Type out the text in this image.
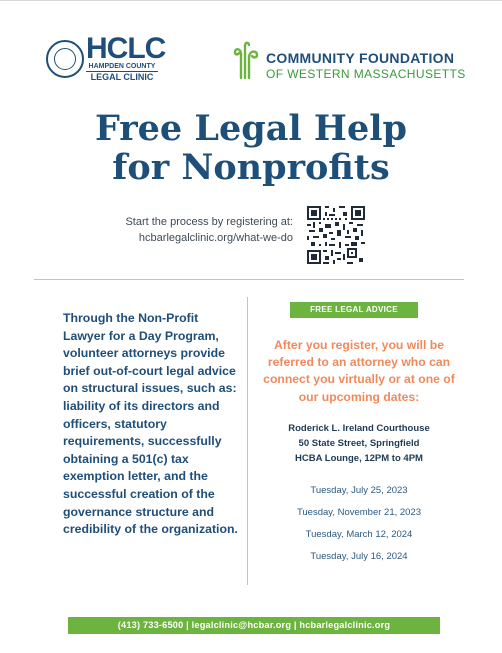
HCLC
HAMPDEN COUNTY
LEGAL CLINIC
COMMUNITY FOUNDATION
OF WESTERN MASSACHUSETTS
Free Legal Help
for Nonprofits
Start the process by registering at:
hcbarlegalclinic.org/what-we-do
Through the Non-Profit Lawyer for a Day Program, volunteer attorneys provide brief out-of-court legal advice on structural issues, such as: liability of its directors and officers, statutory requirements, successfully obtaining a 501(c) tax exemption letter, and the successful creation of the governance structure and credibility of the organization.
FREE LEGAL ADVICE
After you register, you will be referred to an attorney who can connect you virtually or at one of our upcoming dates:
Roderick L. Ireland Courthouse
50 State Street, Springfield
HCBA Lounge, 12PM to 4PM
Tuesday, July 25, 2023
Tuesday, November 21, 2023
Tuesday, March 12, 2024
Tuesday, July 16, 2024
(413) 733-6500 | legalclinic@hcbar.org | hcbarlegalclinic.org
